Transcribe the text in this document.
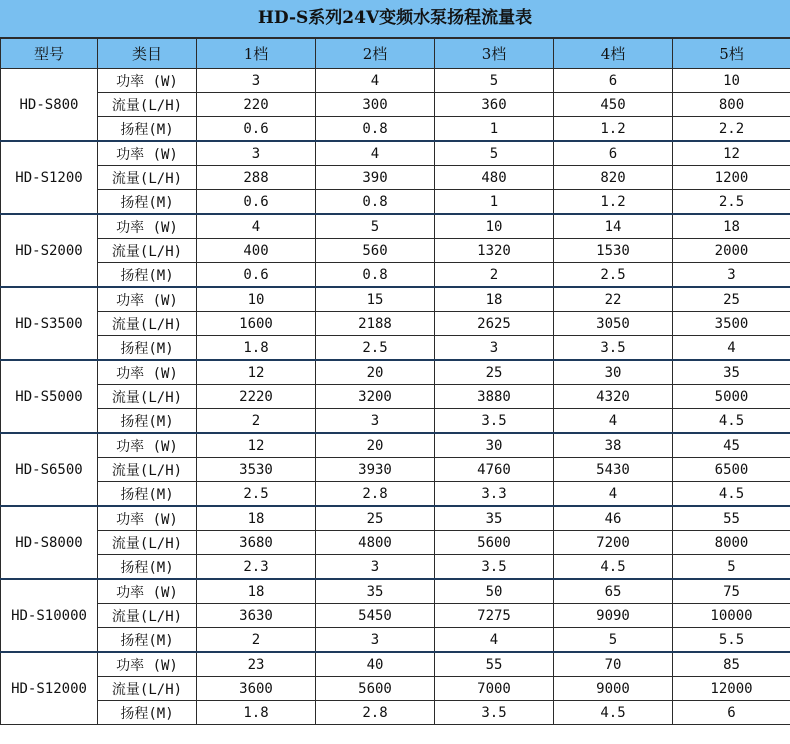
HD-S系列24V变频水泵扬程流量表
型号	类目	1档	2档	3档	4档	5档
HD-S800	功率 (W)	3	4	5	6	10
	流量(L/H)	220	300	360	450	800
	扬程(M)	0.6	0.8	1	1.2	2.2
HD-S1200	功率 (W)	3	4	5	6	12
	流量(L/H)	288	390	480	820	1200
	扬程(M)	0.6	0.8	1	1.2	2.5
HD-S2000	功率 (W)	4	5	10	14	18
	流量(L/H)	400	560	1320	1530	2000
	扬程(M)	0.6	0.8	2	2.5	3
HD-S3500	功率 (W)	10	15	18	22	25
	流量(L/H)	1600	2188	2625	3050	3500
	扬程(M)	1.8	2.5	3	3.5	4
HD-S5000	功率 (W)	12	20	25	30	35
	流量(L/H)	2220	3200	3880	4320	5000
	扬程(M)	2	3	3.5	4	4.5
HD-S6500	功率 (W)	12	20	30	38	45
	流量(L/H)	3530	3930	4760	5430	6500
	扬程(M)	2.5	2.8	3.3	4	4.5
HD-S8000	功率 (W)	18	25	35	46	55
	流量(L/H)	3680	4800	5600	7200	8000
	扬程(M)	2.3	3	3.5	4.5	5
HD-S10000	功率 (W)	18	35	50	65	75
	流量(L/H)	3630	5450	7275	9090	10000
	扬程(M)	2	3	4	5	5.5
HD-S12000	功率 (W)	23	40	55	70	85
	流量(L/H)	3600	5600	7000	9000	12000
	扬程(M)	1.8	2.8	3.5	4.5	6
